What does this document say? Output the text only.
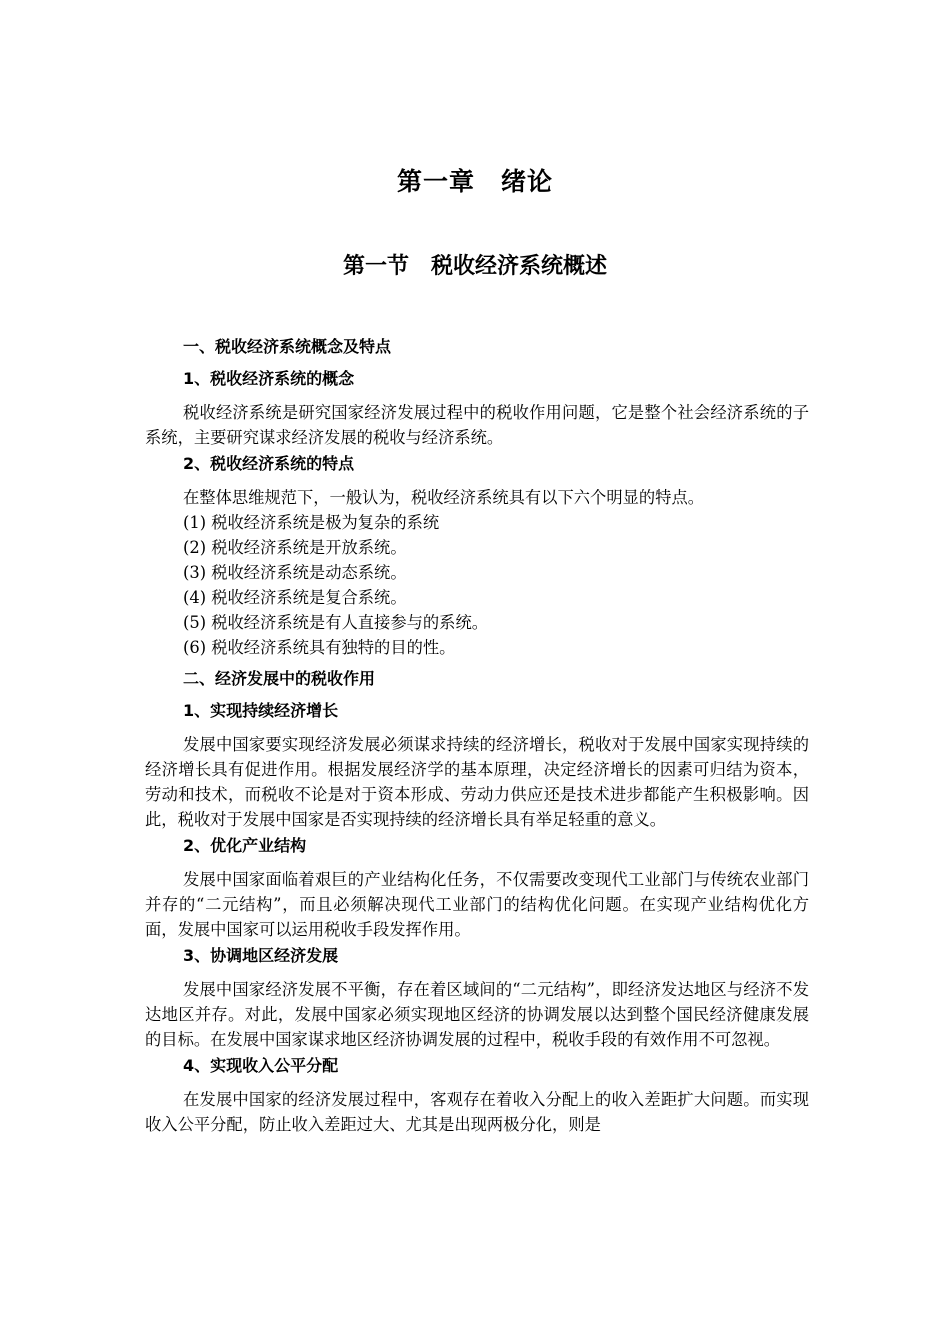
第一章　绪论
第一节　税收经济系统概述
一、税收经济系统概念及特点
1、税收经济系统的概念

税收经济系统是研究国家经济发展过程中的税收作用问题，它是整个社会经济系统的子系统，主要研究谋求经济发展的税收与经济系统。

2、税收经济系统的特点
在整体思维规范下，一般认为，税收经济系统具有以下六个明显的特点。
(1) 税收经济系统是极为复杂的系统
(2) 税收经济系统是开放系统。
(3) 税收经济系统是动态系统。
(4) 税收经济系统是复合系统。
(5) 税收经济系统是有人直接参与的系统。
(6) 税收经济系统具有独特的目的性。
二、经济发展中的税收作用
1、实现持续经济增长

发展中国家要实现经济发展必须谋求持续的经济增长，税收对于发展中国家实现持续的经济增长具有促进作用。根据发展经济学的基本原理，决定经济增长的因素可归结为资本，劳动和技术，而税收不论是对于资本形成、劳动力供应还是技术进步都能产生积极影响。因此，税收对于发展中国家是否实现持续的经济增长具有举足轻重的意义。

2、优化产业结构

发展中国家面临着艰巨的产业结构化任务，不仅需要改变现代工业部门与传统农业部门并存的“二元结构”，而且必须解决现代工业部门的结构优化问题。在实现产业结构优化方面，发展中国家可以运用税收手段发挥作用。

3、协调地区经济发展

发展中国家经济发展不平衡，存在着区域间的“二元结构”，即经济发达地区与经济不发达地区并存。对此，发展中国家必须实现地区经济的协调发展以达到整个国民经济健康发展的目标。在发展中国家谋求地区经济协调发展的过程中，税收手段的有效作用不可忽视。

4、实现收入公平分配

在发展中国家的经济发展过程中，客观存在着收入分配上的收入差距扩大问题。而实现收入公平分配，防止收入差距过大、尤其是出现两极分化，则是
